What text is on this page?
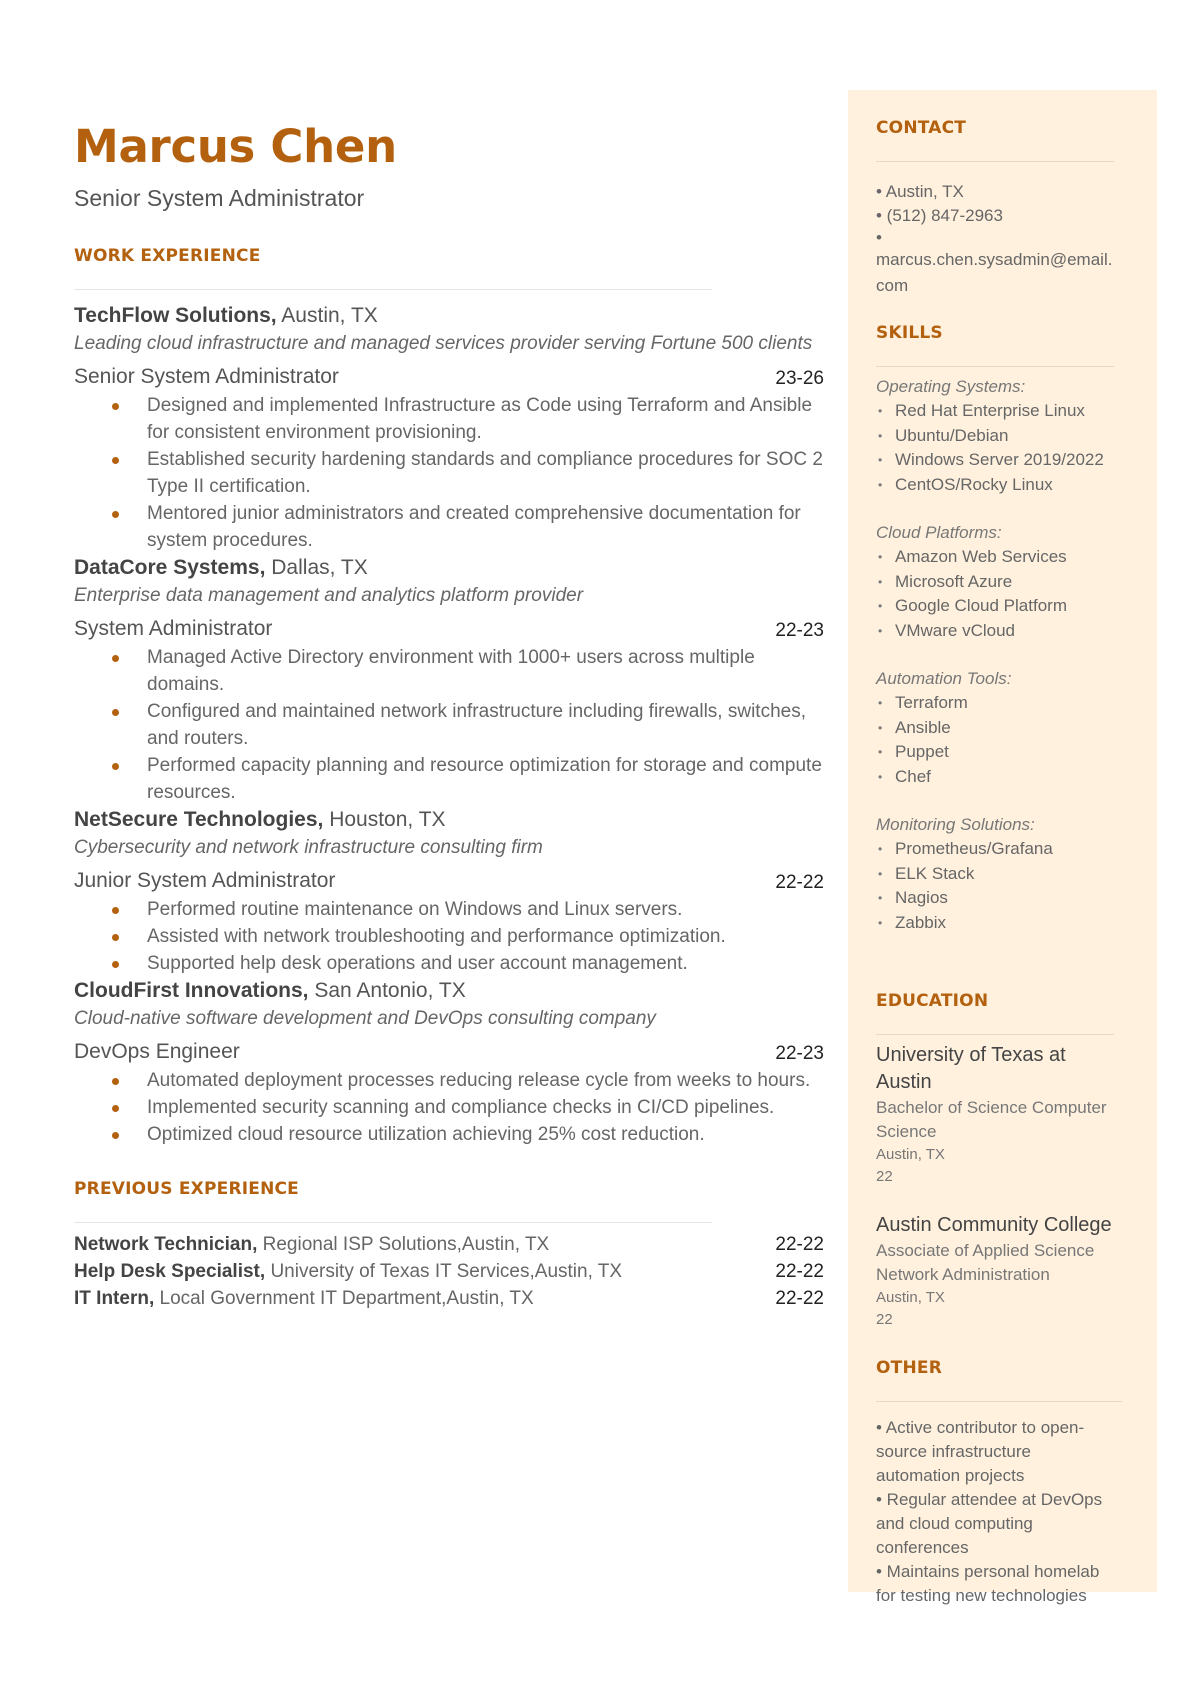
Marcus Chen
Senior System Administrator
WORK EXPERIENCE
TechFlow Solutions, Austin, TX
Leading cloud infrastructure and managed services provider serving Fortune 500 clients
Senior System Administrator	23-26
Designed and implemented Infrastructure as Code using Terraform and Ansible for consistent environment provisioning.
Established security hardening standards and compliance procedures for SOC 2 Type II certification.
Mentored junior administrators and created comprehensive documentation for system procedures.
DataCore Systems, Dallas, TX
Enterprise data management and analytics platform provider
System Administrator	22-23
Managed Active Directory environment with 1000+ users across multiple domains.
Configured and maintained network infrastructure including firewalls, switches, and routers.
Performed capacity planning and resource optimization for storage and compute resources.
NetSecure Technologies, Houston, TX
Cybersecurity and network infrastructure consulting firm
Junior System Administrator	22-22
Performed routine maintenance on Windows and Linux servers.
Assisted with network troubleshooting and performance optimization.
Supported help desk operations and user account management.
CloudFirst Innovations, San Antonio, TX
Cloud-native software development and DevOps consulting company
DevOps Engineer	22-23
Automated deployment processes reducing release cycle from weeks to hours.
Implemented security scanning and compliance checks in CI/CD pipelines.
Optimized cloud resource utilization achieving 25% cost reduction.
PREVIOUS EXPERIENCE
Network Technician, Regional ISP Solutions,Austin, TX	22-22
Help Desk Specialist, University of Texas IT Services,Austin, TX	22-22
IT Intern, Local Government IT Department,Austin, TX	22-22
CONTACT
• Austin, TX
• (512) 847-2963
•
marcus.chen.sysadmin@email.
com
SKILLS
Operating Systems:
• Red Hat Enterprise Linux
• Ubuntu/Debian
• Windows Server 2019/2022
• CentOS/Rocky Linux
Cloud Platforms:
• Amazon Web Services
• Microsoft Azure
• Google Cloud Platform
• VMware vCloud
Automation Tools:
• Terraform
• Ansible
• Puppet
• Chef
Monitoring Solutions:
• Prometheus/Grafana
• ELK Stack
• Nagios
• Zabbix
EDUCATION
University of Texas at
Austin
Bachelor of Science Computer
Science
Austin, TX
22
Austin Community College
Associate of Applied Science
Network Administration
Austin, TX
22
OTHER
• Active contributor to open-
source infrastructure
automation projects
• Regular attendee at DevOps
and cloud computing
conferences
• Maintains personal homelab
for testing new technologies
